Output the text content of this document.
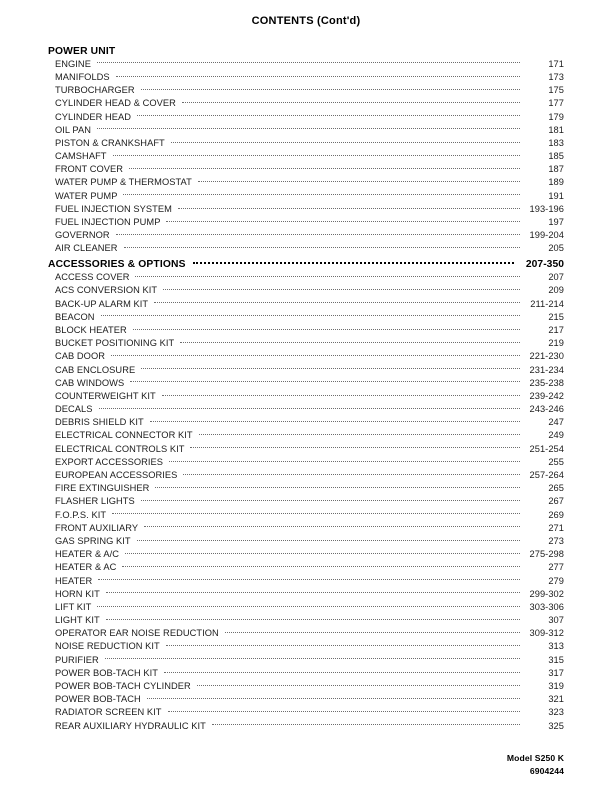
CONTENTS (Cont'd)
POWER UNIT
ENGINE	171
MANIFOLDS	173
TURBOCHARGER	175
CYLINDER HEAD & COVER	177
CYLINDER HEAD	179
OIL PAN	181
PISTON & CRANKSHAFT	183
CAMSHAFT	185
FRONT COVER	187
WATER PUMP & THERMOSTAT	189
WATER PUMP	191
FUEL INJECTION SYSTEM	193-196
FUEL INJECTION PUMP	197
GOVERNOR	199-204
AIR CLEANER	205
ACCESSORIES & OPTIONS	207-350
ACCESS COVER	207
ACS CONVERSION KIT	209
BACK-UP ALARM KIT	211-214
BEACON	215
BLOCK HEATER	217
BUCKET POSITIONING KIT	219
CAB DOOR	221-230
CAB ENCLOSURE	231-234
CAB WINDOWS	235-238
COUNTERWEIGHT KIT	239-242
DECALS	243-246
DEBRIS SHIELD KIT	247
ELECTRICAL CONNECTOR KIT	249
ELECTRICAL CONTROLS KIT	251-254
EXPORT ACCESSORIES	255
EUROPEAN ACCESSORIES	257-264
FIRE EXTINGUISHER	265
FLASHER LIGHTS	267
F.O.P.S. KIT	269
FRONT AUXILIARY	271
GAS SPRING KIT	273
HEATER & A/C	275-298
HEATER & AC	277
HEATER	279
HORN KIT	299-302
LIFT KIT	303-306
LIGHT KIT	307
OPERATOR EAR NOISE REDUCTION	309-312
NOISE REDUCTION KIT	313
PURIFIER	315
POWER BOB-TACH KIT	317
POWER BOB-TACH CYLINDER	319
POWER BOB-TACH	321
RADIATOR SCREEN KIT	323
REAR AUXILIARY HYDRAULIC KIT	325
Model S250 K
6904244
